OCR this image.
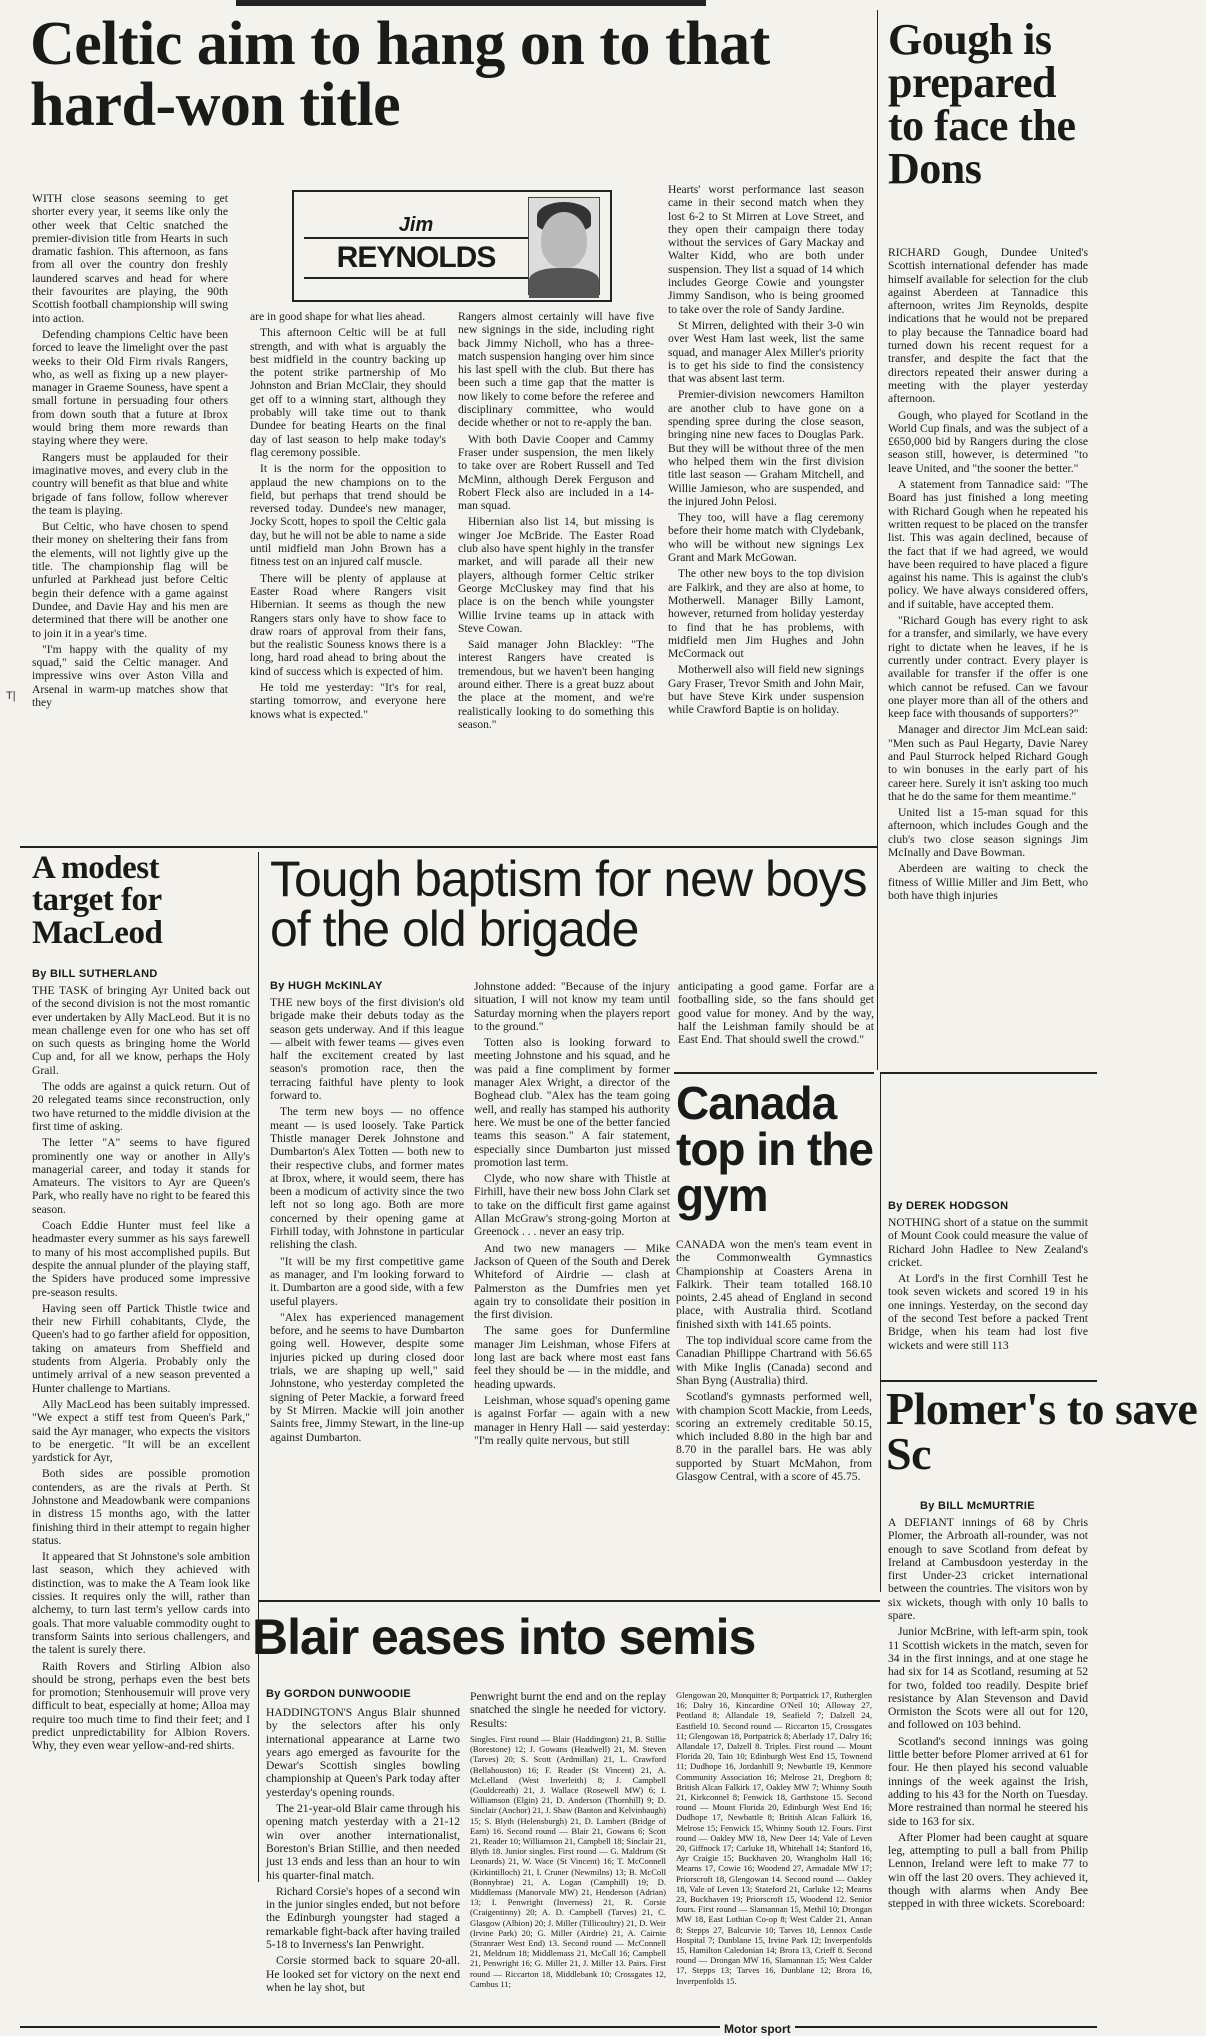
Celtic aim to hang on to that hard-won title
Jim
REYNOLDS

WITH close seasons seeming to get shorter every year, it seems like only the other week that Celtic snatched the premier-division title from Hearts in such dramatic fashion. This afternoon, as fans from all over the country don freshly laundered scarves and head for where their favourites are playing, the 90th Scottish football championship will swing into action.

Defending champions Celtic have been forced to leave the limelight over the past weeks to their Old Firm rivals Rangers, who, as well as fixing up a new player-manager in Graeme Souness, have spent a small fortune in persuading four others from down south that a future at Ibrox would bring them more rewards than staying where they were.

Rangers must be applauded for their imaginative moves, and every club in the country will benefit as that blue and white brigade of fans follow, follow wherever the team is playing.

But Celtic, who have chosen to spend their money on sheltering their fans from the elements, will not lightly give up the title. The championship flag will be unfurled at Parkhead just before Celtic begin their defence with a game against Dundee, and Davie Hay and his men are determined that there will be another one to join it in a year's time.

"I'm happy with the quality of my squad," said the Celtic manager. And impressive wins over Aston Villa and Arsenal in warm-up matches show that they

are in good shape for what lies ahead.

This afternoon Celtic will be at full strength, and with what is arguably the best midfield in the country backing up the potent strike partnership of Mo Johnston and Brian McClair, they should get off to a winning start, although they probably will take time out to thank Dundee for beating Hearts on the final day of last season to help make today's flag ceremony possible.

It is the norm for the opposition to applaud the new champions on to the field, but perhaps that trend should be reversed today. Dundee's new manager, Jocky Scott, hopes to spoil the Celtic gala day, but he will not be able to name a side until midfield man John Brown has a fitness test on an injured calf muscle.

There will be plenty of applause at Easter Road where Rangers visit Hibernian. It seems as though the new Rangers stars only have to show face to draw roars of approval from their fans, but the realistic Souness knows there is a long, hard road ahead to bring about the kind of success which is expected of him.

He told me yesterday: "It's for real, starting tomorrow, and everyone here knows what is expected."

Rangers almost certainly will have five new signings in the side, including right back Jimmy Nicholl, who has a three-match suspension hanging over him since his last spell with the club. But there has been such a time gap that the matter is now likely to come before the referee and disciplinary committee, who would decide whether or not to re-apply the ban.

With both Davie Cooper and Cammy Fraser under suspension, the men likely to take over are Robert Russell and Ted McMinn, although Derek Ferguson and Robert Fleck also are included in a 14-man squad.

Hibernian also list 14, but missing is winger Joe McBride. The Easter Road club also have spent highly in the transfer market, and will parade all their new players, although former Celtic striker George McCluskey may find that his place is on the bench while youngster Willie Irvine teams up in attack with Steve Cowan.

Said manager John Blackley: "The interest Rangers have created is tremendous, but we haven't been hanging around either. There is a great buzz about the place at the moment, and we're realistically looking to do something this season."

Hearts' worst performance last season came in their second match when they lost 6-2 to St Mirren at Love Street, and they open their campaign there today without the services of Gary Mackay and Walter Kidd, who are both under suspension. They list a squad of 14 which includes George Cowie and youngster Jimmy Sandison, who is being groomed to take over the role of Sandy Jardine.

St Mirren, delighted with their 3-0 win over West Ham last week, list the same squad, and manager Alex Miller's priority is to get his side to find the consistency that was absent last term.

Premier-division newcomers Hamilton are another club to have gone on a spending spree during the close season, bringing nine new faces to Douglas Park. But they will be without three of the men who helped them win the first division title last season — Graham Mitchell, and Willie Jamieson, who are suspended, and the injured John Pelosi.

They too, will have a flag ceremony before their home match with Clydebank, who will be without new signings Lex Grant and Mark McGowan.

The other new boys to the top division are Falkirk, and they are also at home, to Motherwell. Manager Billy Lamont, however, returned from holiday yesterday to find that he has problems, with midfield men Jim Hughes and John McCormack out

Motherwell also will field new signings Gary Fraser, Trevor Smith and John Mair, but have Steve Kirk under suspension while Crawford Baptie is on holiday.

T|
Gough is prepared to face the Dons

RICHARD Gough, Dundee United's Scottish international defender has made himself available for selection for the club against Aberdeen at Tannadice this afternoon, writes Jim Reynolds, despite indications that he would not be prepared to play because the Tannadice board had turned down his recent request for a transfer, and despite the fact that the directors repeated their answer during a meeting with the player yesterday afternoon.

Gough, who played for Scotland in the World Cup finals, and was the subject of a £650,000 bid by Rangers during the close season still, however, is determined "to leave United, and "the sooner the better."

A statement from Tannadice said: "The Board has just finished a long meeting with Richard Gough when he repeated his written request to be placed on the transfer list. This was again declined, because of the fact that if we had agreed, we would have been required to have placed a figure against his name. This is against the club's policy. We have always considered offers, and if suitable, have accepted them.

"Richard Gough has every right to ask for a transfer, and similarly, we have every right to dictate when he leaves, if he is currently under contract. Every player is available for transfer if the offer is one which cannot be refused. Can we favour one player more than all of the others and keep face with thousands of supporters?"

Manager and director Jim McLean said: "Men such as Paul Hegarty, Davie Narey and Paul Sturrock helped Richard Gough to win bonuses in the early part of his career here. Surely it isn't asking too much that he do the same for them meantime."

United list a 15-man squad for this afternoon, which includes Gough and the club's two close season signings Jim McInally and Dave Bowman.

Aberdeen are waiting to check the fitness of Willie Miller and Jim Bett, who both have thigh injuries

A modest target for MacLeod
By BILL SUTHERLAND

THE TASK of bringing Ayr United back out of the second division is not the most romantic ever undertaken by Ally MacLeod. But it is no mean challenge even for one who has set off on such quests as bringing home the World Cup and, for all we know, perhaps the Holy Grail.

The odds are against a quick return. Out of 20 relegated teams since reconstruction, only two have returned to the middle division at the first time of asking.

The letter "A" seems to have figured prominently one way or another in Ally's managerial career, and today it stands for Amateurs. The visitors to Ayr are Queen's Park, who really have no right to be feared this season.

Coach Eddie Hunter must feel like a headmaster every summer as his says farewell to many of his most accomplished pupils. But despite the annual plunder of the playing staff, the Spiders have produced some impressive pre-season results.

Having seen off Partick Thistle twice and their new Firhill cohabitants, Clyde, the Queen's had to go farther afield for opposition, taking on amateurs from Sheffield and students from Algeria. Probably only the untimely arrival of a new season prevented a Hunter challenge to Martians.

Ally MacLeod has been suitably impressed. "We expect a stiff test from Queen's Park," said the Ayr manager, who expects the visitors to be energetic. "It will be an excellent yardstick for Ayr,

Both sides are possible promotion contenders, as are the rivals at Perth. St Johnstone and Meadowbank were companions in distress 15 months ago, with the latter finishing third in their attempt to regain higher status.

It appeared that St Johnstone's sole ambition last season, which they achieved with distinction, was to make the A Team look like cissies. It requires only the will, rather than alchemy, to turn last term's yellow cards into goals. That more valuable commodity ought to transform Saints into serious challengers, and the talent is surely there.

Raith Rovers and Stirling Albion also should be strong, perhaps even the best bets for promotion; Stenhousemuir will prove very difficult to beat, especially at home; Alloa may require too much time to find their feet; and I predict unpredictability for Albion Rovers. Why, they even wear yellow-and-red shirts.

Tough baptism for new boys of the old brigade
By HUGH McKINLAY

THE new boys of the first division's old brigade make their debuts today as the season gets underway. And if this league — albeit with fewer teams — gives even half the excitement created by last season's promotion race, then the terracing faithful have plenty to look forward to.

The term new boys — no offence meant — is used loosely. Take Partick Thistle manager Derek Johnstone and Dumbarton's Alex Totten — both new to their respective clubs, and former mates at Ibrox, where, it would seem, there has been a modicum of activity since the two left not so long ago. Both are more concerned by their opening game at Firhill today, with Johnstone in particular relishing the clash.

"It will be my first competitive game as manager, and I'm looking forward to it. Dumbarton are a good side, with a few useful players.

"Alex has experienced management before, and he seems to have Dumbarton going well. However, despite some injuries picked up during closed door trials, we are shaping up well," said Johnstone, who yesterday completed the signing of Peter Mackie, a forward freed by St Mirren. Mackie will join another Saints free, Jimmy Stewart, in the line-up against Dumbarton.

Johnstone added: "Because of the injury situation, I will not know my team until Saturday morning when the players report to the ground."

Totten also is looking forward to meeting Johnstone and his squad, and he was paid a fine compliment by former manager Alex Wright, a director of the Boghead club. "Alex has the team going well, and really has stamped his authority here. We must be one of the better fancied teams this season." A fair statement, especially since Dumbarton just missed promotion last term.

Clyde, who now share with Thistle at Firhill, have their new boss John Clark set to take on the difficult first game against Allan McGraw's strong-going Morton at Greenock . . . never an easy trip.

And two new managers — Mike Jackson of Queen of the South and Derek Whiteford of Airdrie — clash at Palmerston as the Dumfries men yet again try to consolidate their position in the first division.

The same goes for Dunfermline manager Jim Leishman, whose Fifers at long last are back where most east fans feel they should be — in the middle, and heading upwards.

Leishman, whose squad's opening game is against Forfar — again with a new manager in Henry Hall — said yesterday: "I'm really quite nervous, but still

anticipating a good game. Forfar are a footballing side, so the fans should get good value for money. And by the way, half the Leishman family should be at East End. That should swell the crowd."

Canada top in the gym

CANADA won the men's team event in the Commonwealth Gymnastics Championship at Coasters Arena in Falkirk. Their team totalled 168.10 points, 2.45 ahead of England in second place, with Australia third. Scotland finished sixth with 141.65 points.

The top individual score came from the Canadian Phillippe Chartrand with 56.65 with Mike Inglis (Canada) second and Shan Byng (Australia) third.

Scotland's gymnasts performed well, with champion Scott Mackie, from Leeds, scoring an extremely creditable 50.15, which included 8.80 in the high bar and 8.70 in the parallel bars. He was ably supported by Stuart McMahon, from Glasgow Central, with a score of 45.75.

By DEREK HODGSON

NOTHING short of a statue on the summit of Mount Cook could measure the value of Richard John Hadlee to New Zealand's cricket.

At Lord's in the first Cornhill Test he took seven wickets and scored 19 in his one innings. Yesterday, on the second day of the second Test before a packed Trent Bridge, when his team had lost five wickets and were still 113

Plomer's to save Sc
By BILL McMURTRIE

A DEFIANT innings of 68 by Chris Plomer, the Arbroath all-rounder, was not enough to save Scotland from defeat by Ireland at Cambusdoon yesterday in the first Under-23 cricket international between the countries. The visitors won by six wickets, though with only 10 balls to spare.

Junior McBrine, with left-arm spin, took 11 Scottish wickets in the match, seven for 34 in the first innings, and at one stage he had six for 14 as Scotland, resuming at 52 for two, folded too readily. Despite brief resistance by Alan Stevenson and David Ormiston the Scots were all out for 120, and followed on 103 behind.

Scotland's second innings was going little better before Plomer arrived at 61 for four. He then played his second valuable innings of the week against the Irish, adding to his 43 for the North on Tuesday. More restrained than normal he steered his side to 163 for six.

After Plomer had been caught at square leg, attempting to pull a ball from Philip Lennon, Ireland were left to make 77 to win off the last 20 overs. They achieved it, though with alarms when Andy Bee stepped in with three wickets. Scoreboard:

Blair eases into semis
By GORDON DUNWOODIE

HADDINGTON'S Angus Blair shunned by the selectors after his only international appearance at Larne two years ago emerged as favourite for the Dewar's Scottish singles bowling championship at Queen's Park today after yesterday's opening rounds.

The 21-year-old Blair came through his opening match yesterday with a 21-12 win over another internationalist, Boreston's Brian Stillie, and then needed just 13 ends and less than an hour to win his quarter-final match.

Richard Corsie's hopes of a second win in the junior singles ended, but not before the Edinburgh youngster had staged a remarkable fight-back after having trailed 5-18 to Inverness's Ian Penwright.

Corsie stormed back to square 20-all. He looked set for victory on the next end when he lay shot, but

Penwright burnt the end and on the replay snatched the single he needed for victory. Results:

Singles. First round — Blair (Haddington) 21, B. Stillie (Borestone) 12; J. Gowans (Headwell) 21, M. Steven (Tarves) 20; S. Scott (Ardmillan) 21, L. Crawford (Bellahouston) 16; F. Reader (St Vincent) 21, A. McLelland (West Inverleith) 8; J. Campbell (Gouldcreath) 21, J. Wallace (Rosewell MW) 6; I. Williamson (Elgin) 21, D. Anderson (Thornhill) 9; D. Sinclair (Anchor) 21, J. Shaw (Banton and Kelvinhaugh) 15; S. Blyth (Helensburgh) 21, D. Lambert (Bridge of Earn) 16. Second round — Blair 21, Gowans 6; Scott 21, Reader 10; Williamson 21, Campbell 18; Sinclair 21, Blyth 18. Junior singles. First round — G. Maldrum (St Leonards) 21, W. Wace (St Vincent) 16; T. McConnell (Kirkintilloch) 21, I. Cruner (Newmilns) 13; B. McColl (Bonnybrae) 21, A. Logan (Camphill) 19; D. Middlemass (Manorvale MW) 21, Henderson (Adrian) 13; I. Penwright (Inverness) 21, R. Corsie (Craigentinny) 20; A. D. Campbell (Tarves) 21, C. Glasgow (Albion) 20; J. Miller (Tillicoultry) 21, D. Weir (Irvine Park) 20; G. Miller (Airdrie) 21, A. Cairnie (Stranraer West End) 13. Second round — McConnell 21, Meldrum 18; Middlemass 21, McCall 16; Campbell 21, Penwright 16; G. Miller 21, J. Miller 13. Pairs. First round — Riccarton 18, Middlebank 10; Crossgates 12, Cambus 11;
Glengowan 20, Monquitter 8; Portpatrick 17, Rutherglen 16; Dalry 16, Kincardine O'Neil 10; Alloway 27, Pentland 8; Allandale 19, Seafield 7; Dalzell 24, Eastfield 10. Second round — Riccarton 15, Crossgates 11; Glengowan 18, Portpatrick 8; Aberlady 17, Dalry 16; Allandale 17, Dalzell 8. Triples. First round — Mount Florida 20, Tain 10; Edinburgh West End 15, Townend 11; Dudhope 16, Jordanhill 9; Newbattle 19, Kenmore Community Association 16; Melrose 21, Dregborn 8; British Alcan Falkirk 17, Oakley MW 7; Whinny South 21, Kirkconnel 8; Fenwick 18, Garthstone 15. Second round — Mount Florida 20, Edinburgh West End 16; Dudhope 17, Newbattle 8; British Alcan Falkirk 16, Melrose 15; Fenwick 15, Whinny South 12. Fours. First round — Oakley MW 18, New Deer 14; Vale of Leven 20, Giffnock 17; Carluke 18, Whitehall 14; Stanford 16, Ayr Craigie 15; Buckhaven 20, Wrangholm Hall 16; Mearns 17, Cowie 16; Woodend 27, Armadale MW 17; Priorscroft 18, Glengowan 14. Second round — Oakley 18, Vale of Leven 13; Stateford 21, Carluke 12; Mearns 23, Buckhaven 19; Priorscroft 15, Woodend 12. Senior fours. First round — Slamannan 15, Methil 10; Drongan MW 18, East Lothian Co-op 8; West Calder 21, Annan 8; Stepps 27, Balcurvie 10; Tarves 18, Lennox Castle Hospital 7; Dunblane 15, Irvine Park 12; Inverpenfolds 15, Hamilton Caledonian 14; Brora 13, Crieff 8. Second round — Drongan MW 16, Slamannan 15; West Calder 17, Stepps 13; Tarves 16, Dunblane 12; Brora 16, Inverpenfolds 15.
Motor sport
